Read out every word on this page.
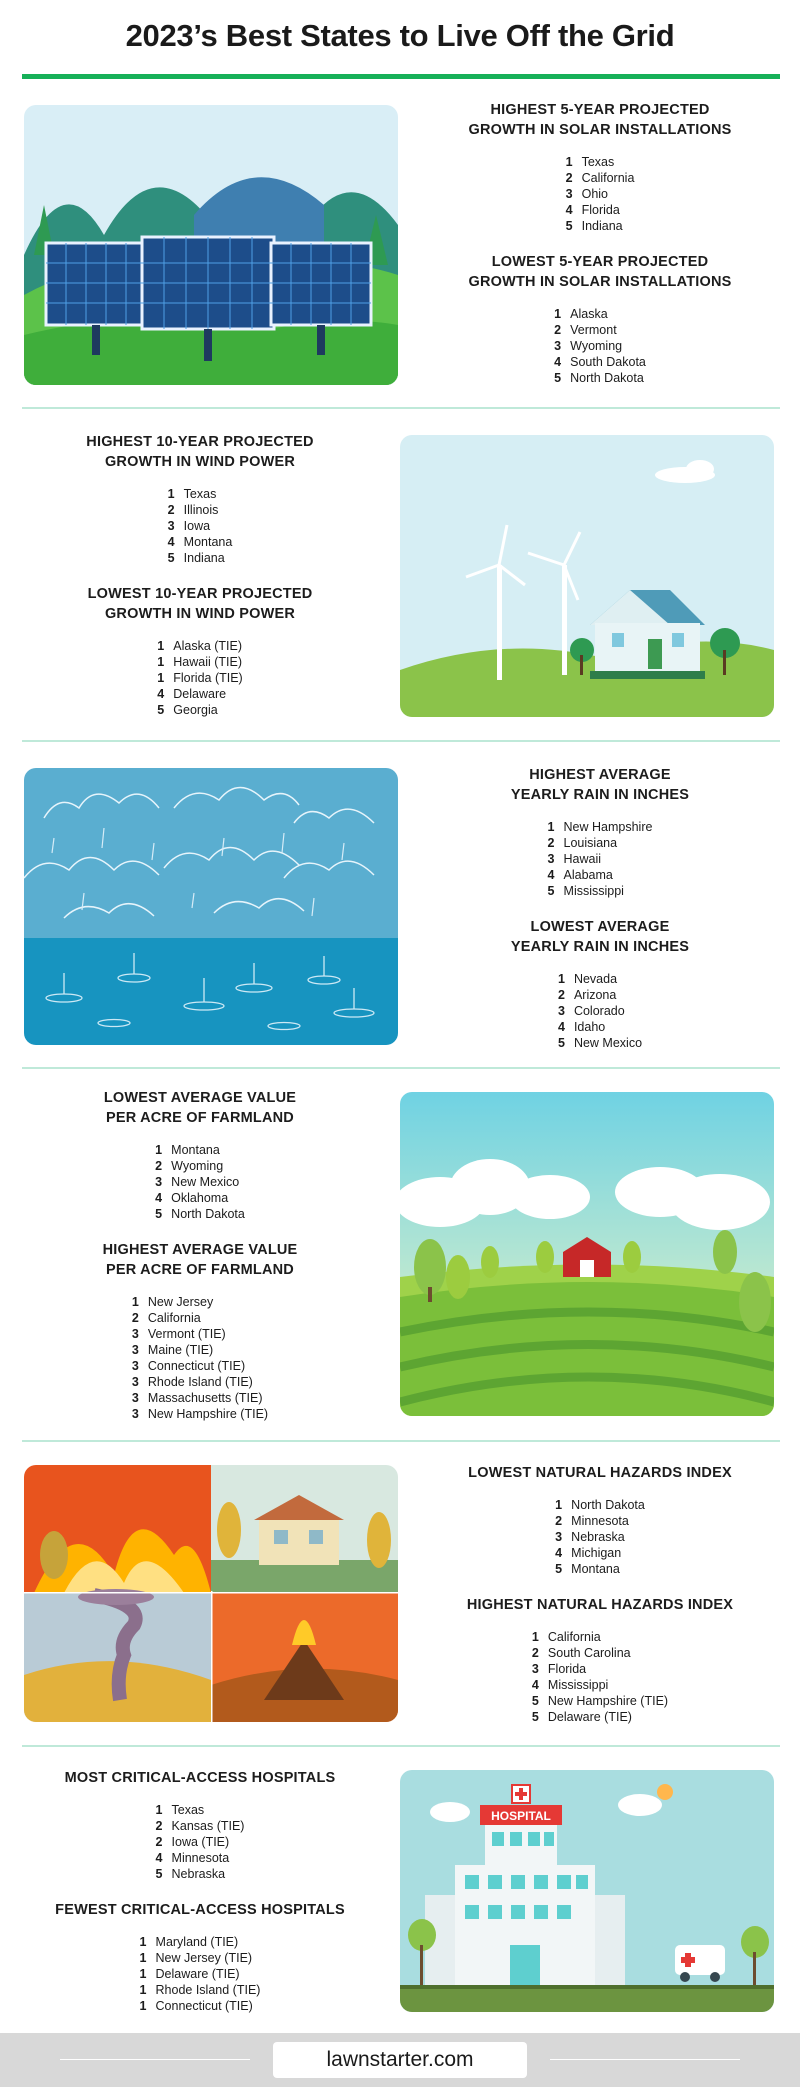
2023’s Best States to Live Off the Grid
HIGHEST 5-YEAR PROJECTED
GROWTH IN SOLAR INSTALLATIONS
1 Texas
2 California
3 Ohio
4 Florida
5 Indiana
LOWEST 5-YEAR PROJECTED
GROWTH IN SOLAR INSTALLATIONS
1 Alaska
2 Vermont
3 Wyoming
4 South Dakota
5 North Dakota
HIGHEST 10-YEAR PROJECTED
GROWTH IN WIND POWER
1 Texas
2 Illinois
3 Iowa
4 Montana
5 Indiana
LOWEST 10-YEAR PROJECTED
GROWTH IN WIND POWER
1 Alaska (TIE)
1 Hawaii (TIE)
1 Florida (TIE)
4 Delaware
5 Georgia
HIGHEST AVERAGE
YEARLY RAIN IN INCHES
1 New Hampshire
2 Louisiana
3 Hawaii
4 Alabama
5 Mississippi
LOWEST AVERAGE
YEARLY RAIN IN INCHES
1 Nevada
2 Arizona
3 Colorado
4 Idaho
5 New Mexico
LOWEST AVERAGE VALUE
PER ACRE OF FARMLAND
1 Montana
2 Wyoming
3 New Mexico
4 Oklahoma
5 North Dakota
HIGHEST AVERAGE VALUE
PER ACRE OF FARMLAND
1 New Jersey
2 California
3 Vermont (TIE)
3 Maine (TIE)
3 Connecticut (TIE)
3 Rhode Island (TIE)
3 Massachusetts (TIE)
3 New Hampshire (TIE)
LOWEST NATURAL HAZARDS INDEX
1 North Dakota
2 Minnesota
3 Nebraska
4 Michigan
5 Montana
HIGHEST NATURAL HAZARDS INDEX
1 California
2 South Carolina
3 Florida
4 Mississippi
5 New Hampshire (TIE)
5 Delaware (TIE)
HOSPITAL
MOST CRITICAL-ACCESS HOSPITALS
1 Texas
2 Kansas (TIE)
2 Iowa (TIE)
4 Minnesota
5 Nebraska
FEWEST CRITICAL-ACCESS HOSPITALS
1 Maryland (TIE)
1 New Jersey (TIE)
1 Delaware (TIE)
1 Rhode Island (TIE)
1 Connecticut (TIE)
lawnstarter.com
